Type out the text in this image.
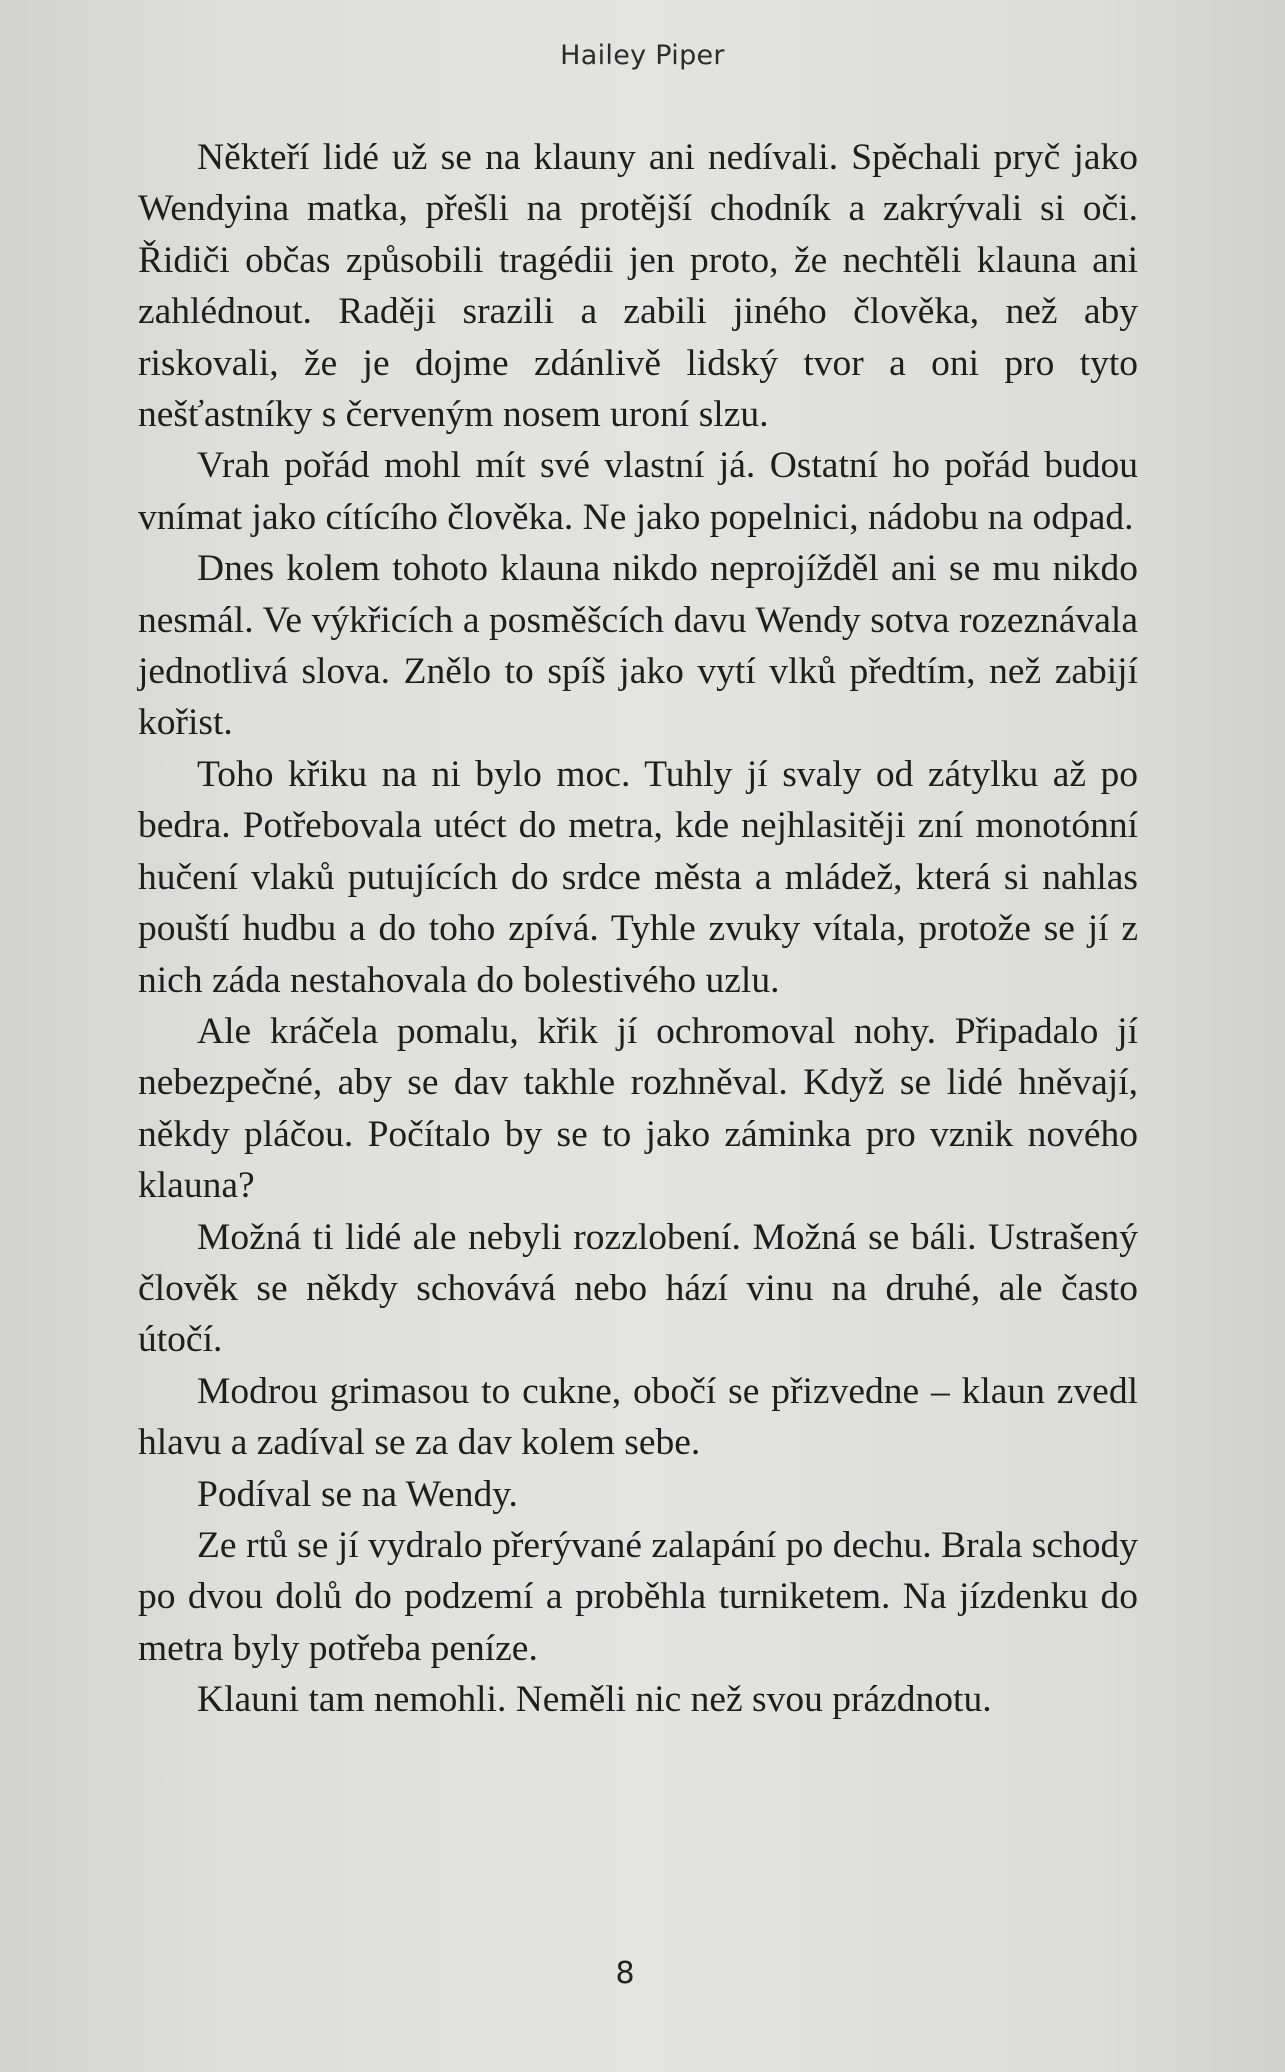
Hailey Piper

Někteří lidé už se na klauny ani nedívali. Spěchali pryč jako Wendyina matka, přešli na protější chodník a zakrývali si oči. Řidiči občas způsobili tragédii jen proto, že nechtěli klauna ani zahlédnout. Raději srazili a zabili jiného člověka, než aby riskovali, že je dojme zdánlivě lidský tvor a oni pro tyto nešťastníky s červeným nosem uroní slzu.

Vrah pořád mohl mít své vlastní já. Ostatní ho pořád budou vnímat jako cítícího člověka. Ne jako popelnici, nádobu na odpad.

Dnes kolem tohoto klauna nikdo neprojížděl ani se mu nikdo nesmál. Ve výkřicích a posměšcích davu Wendy sotva rozeznávala jednotlivá slova. Znělo to spíš jako vytí vlků předtím, než zabijí kořist.

Toho křiku na ni bylo moc. Tuhly jí svaly od zátylku až po bedra. Potřebovala utéct do metra, kde nejhlasitěji zní monotónní hučení vlaků putujících do srdce města a mládež, která si nahlas pouští hudbu a do toho zpívá. Tyhle zvuky vítala, protože se jí z nich záda nestahovala do bolestivého uzlu.

Ale kráčela pomalu, křik jí ochromoval nohy. Připadalo jí nebezpečné, aby se dav takhle rozhněval. Když se lidé hněvají, někdy pláčou. Počítalo by se to jako záminka pro vznik nového klauna?

Možná ti lidé ale nebyli rozzlobení. Možná se báli. Ustrašený člověk se někdy schovává nebo hází vinu na druhé, ale často útočí.

Modrou grimasou to cukne, obočí se přizvedne – klaun zvedl hlavu a zadíval se za dav kolem sebe.

Podíval se na Wendy.

Ze rtů se jí vydralo přerývané zalapání po dechu. Brala schody po dvou dolů do podzemí a proběhla turniketem. Na jízdenku do metra byly potřeba peníze.

Klauni tam nemohli. Neměli nic než svou prázdnotu.

8
